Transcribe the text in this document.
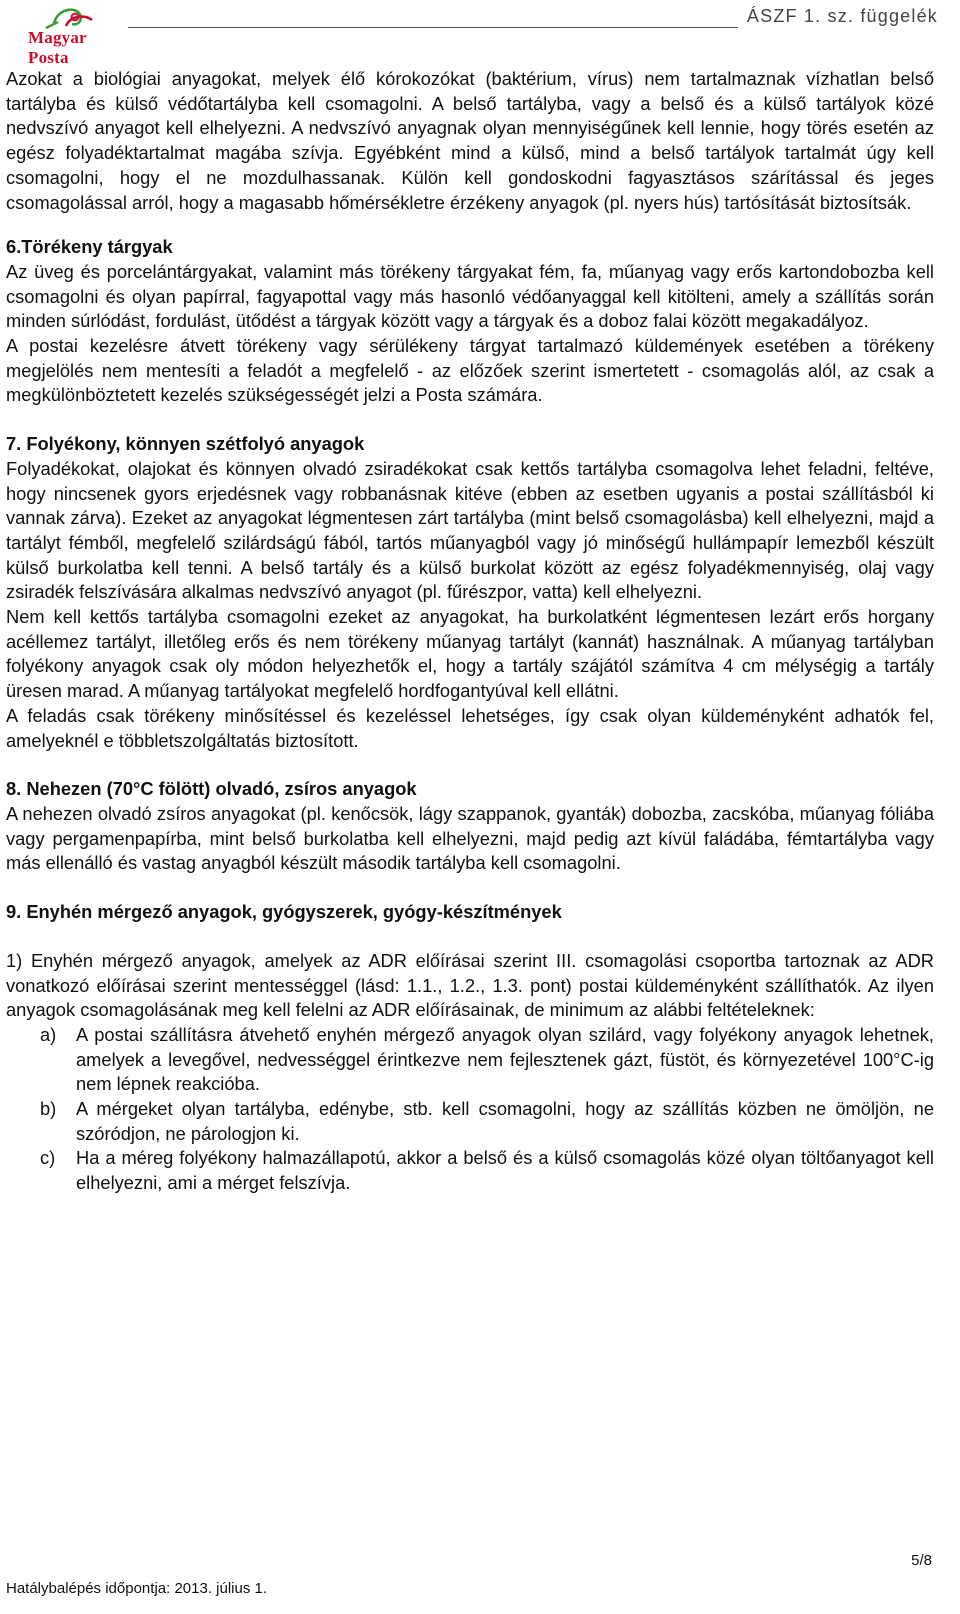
Magyar Posta
ÁSZF 1. sz. függelék

Azokat a biológiai anyagokat, melyek élő kórokozókat (baktérium, vírus) nem tartalmaznak vízhatlan belső tartályba és külső védőtartályba kell csomagolni. A belső tartályba, vagy a belső és a külső tartályok közé nedvszívó anyagot kell elhelyezni. A nedvszívó anyagnak olyan mennyiségűnek kell lennie, hogy törés esetén az egész folyadéktartalmat magába szívja. Egyébként mind a külső, mind a belső tartályok tartalmát úgy kell csomagolni, hogy el ne mozdulhassanak. Külön kell gondoskodni fagyasztásos szárítással és jeges csomagolással arról, hogy a magasabb hőmérsékletre érzékeny anyagok (pl. nyers hús) tartósítását biztosítsák.

6.Törékeny tárgyak

Az üveg és porcelántárgyakat, valamint más törékeny tárgyakat fém, fa, műanyag vagy erős kartondobozba kell csomagolni és olyan papírral, fagyapottal vagy más hasonló védőanyaggal kell kitölteni, amely a szállítás során minden súrlódást, fordulást, ütődést a tárgyak között vagy a tárgyak és a doboz falai között megakadályoz.

A postai kezelésre átvett törékeny vagy sérülékeny tárgyat tartalmazó küldemények esetében a törékeny megjelölés nem mentesíti a feladót a megfelelő - az előzőek szerint ismertetett - csomagolás alól, az csak a megkülönböztetett kezelés szükségességét jelzi a Posta számára.

7. Folyékony, könnyen szétfolyó anyagok

Folyadékokat, olajokat és könnyen olvadó zsiradékokat csak kettős tartályba csomagolva lehet feladni, feltéve, hogy nincsenek gyors erjedésnek vagy robbanásnak kitéve (ebben az esetben ugyanis a postai szállításból ki vannak zárva). Ezeket az anyagokat légmentesen zárt tartályba (mint belső csomagolásba) kell elhelyezni, majd a tartályt fémből, megfelelő szilárdságú fából, tartós műanyagból vagy jó minőségű hullámpapír lemezből készült külső burkolatba kell tenni. A belső tartály és a külső burkolat között az egész folyadékmennyiség, olaj vagy zsiradék felszívására alkalmas nedvszívó anyagot (pl. fűrészpor, vatta) kell elhelyezni.

Nem kell kettős tartályba csomagolni ezeket az anyagokat, ha burkolatként légmentesen lezárt erős horgany acéllemez tartályt, illetőleg erős és nem törékeny műanyag tartályt (kannát) használnak. A műanyag tartályban folyékony anyagok csak oly módon helyezhetők el, hogy a tartály szájától számítva 4 cm mélységig a tartály üresen marad. A műanyag tartályokat megfelelő hordfogantyúval kell ellátni.

A feladás csak törékeny minősítéssel és kezeléssel lehetséges, így csak olyan küldeményként adhatók fel, amelyeknél e többletszolgáltatás biztosított.

8. Nehezen (70°C fölött) olvadó, zsíros anyagok

A nehezen olvadó zsíros anyagokat (pl. kenőcsök, lágy szappanok, gyanták) dobozba, zacskóba, műanyag fóliába vagy pergamenpapírba, mint belső burkolatba kell elhelyezni, majd pedig azt kívül faládába, fémtartályba vagy más ellenálló és vastag anyagból készült második tartályba kell csomagolni.

9. Enyhén mérgező anyagok, gyógyszerek, gyógy-készítmények

1) Enyhén mérgező anyagok, amelyek az ADR előírásai szerint III. csomagolási csoportba tartoznak az ADR vonatkozó előírásai szerint mentességgel (lásd: 1.1., 1.2., 1.3. pont) postai küldeményként szállíthatók. Az ilyen anyagok csomagolásának meg kell felelni az ADR előírásainak, de minimum az alábbi feltételeknek:

a) A postai szállításra átvehető enyhén mérgező anyagok olyan szilárd, vagy folyékony anyagok lehetnek, amelyek a levegővel, nedvességgel érintkezve nem fejlesztenek gázt, füstöt, és környezetével 100°C-ig nem lépnek reakcióba.
b) A mérgeket olyan tartályba, edénybe, stb. kell csomagolni, hogy az szállítás közben ne ömöljön, ne szóródjon, ne párologjon ki.
c) Ha a méreg folyékony halmazállapotú, akkor a belső és a külső csomagolás közé olyan töltőanyagot kell elhelyezni, ami a mérget felszívja.
5/8
Hatálybalépés időpontja: 2013. július 1.
